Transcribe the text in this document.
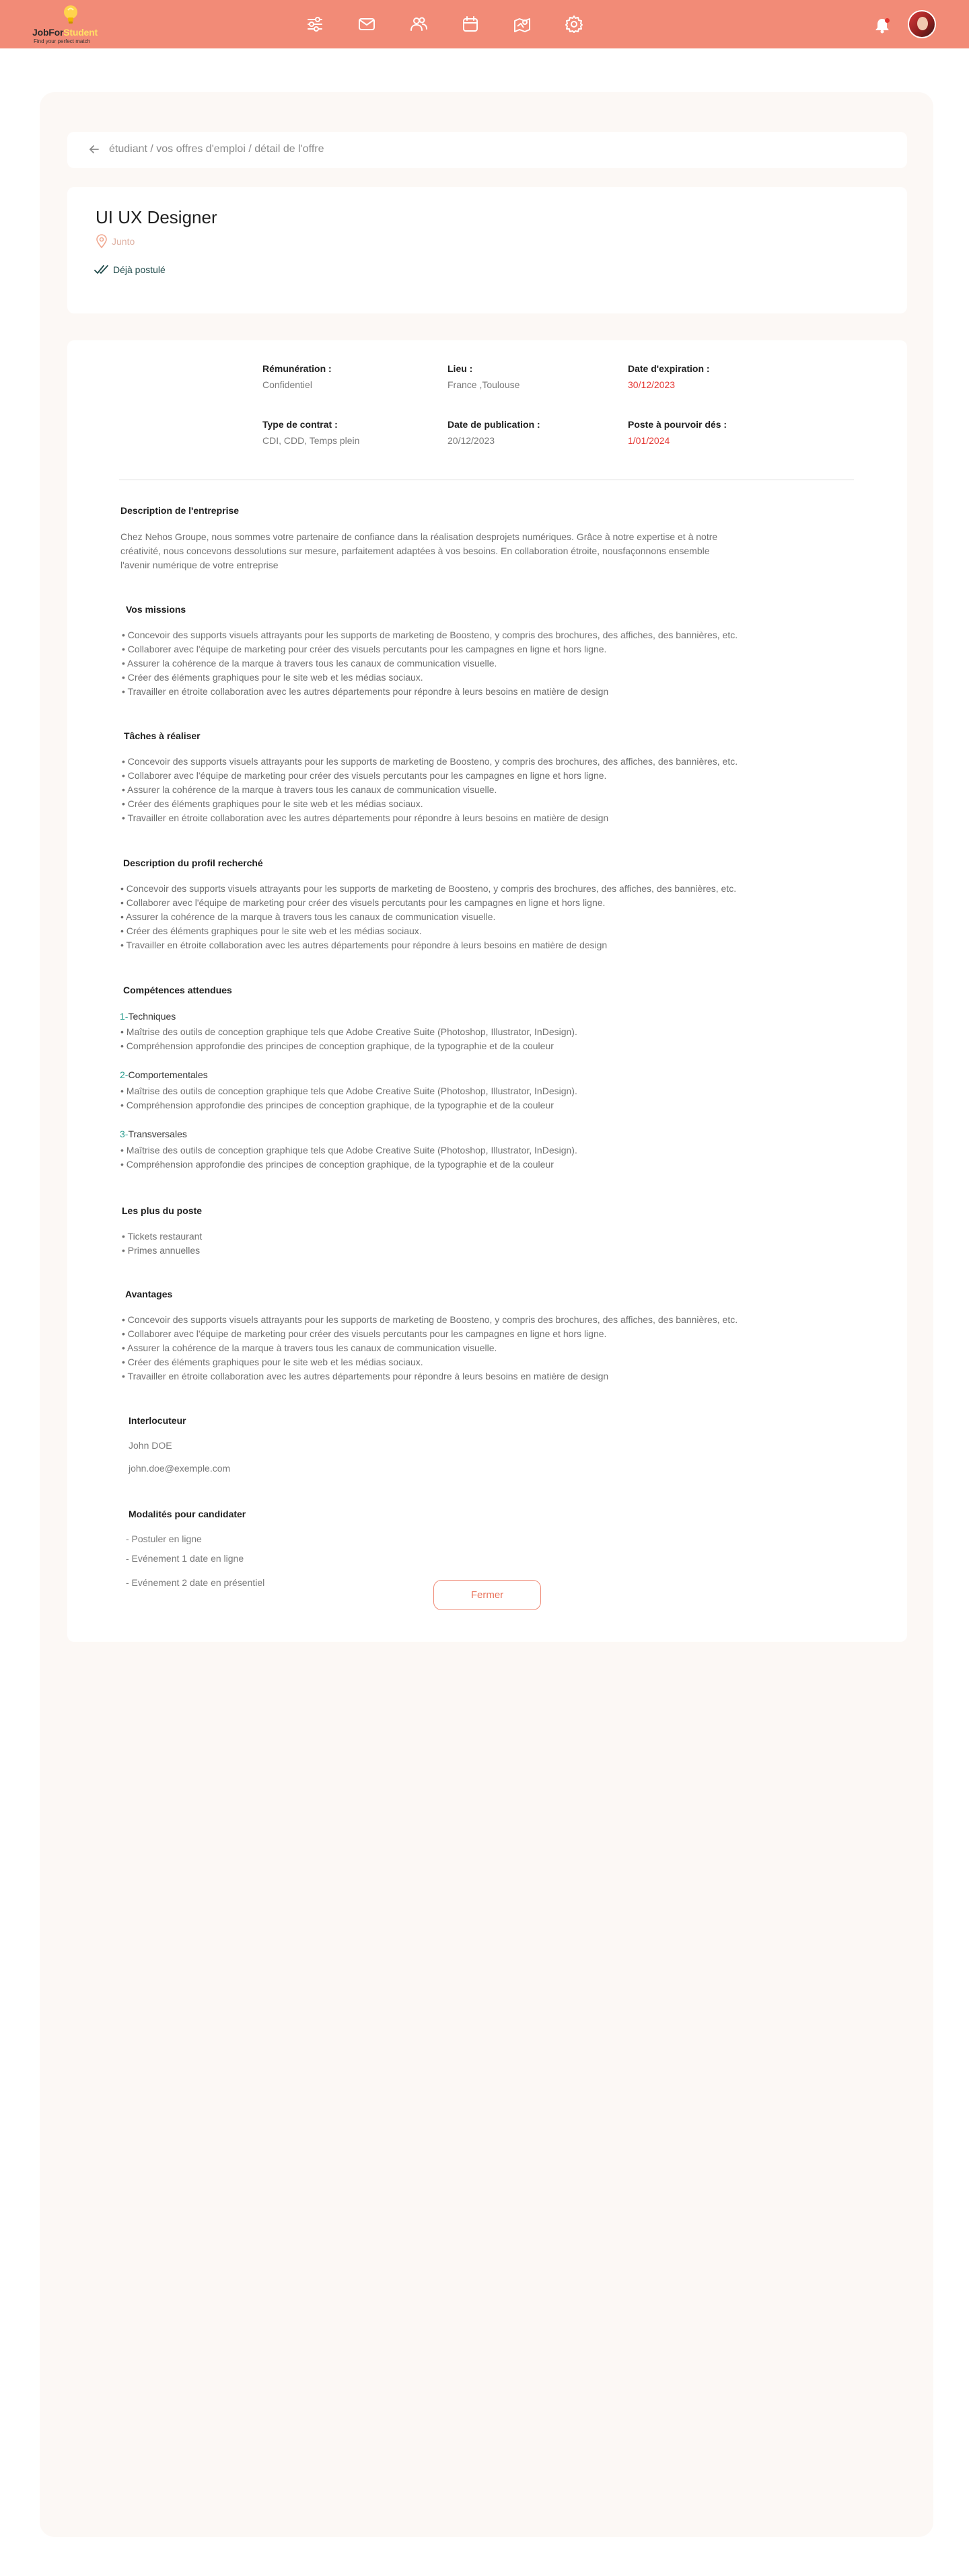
JobForStudent
Find your perfect match
étudiant / vos offres d'emploi / détail de l'offre
UI UX Designer
Junto
Déjà postulé
Rémunération :
Confidentiel
Lieu :
France ,Toulouse
Date d'expiration :
30/12/2023
Type de contrat :
CDI, CDD, Temps plein
Date de publication :
20/12/2023
Poste à pourvoir dés :
1/01/2024
Description de l'entreprise
Chez Nehos Groupe, nous sommes votre partenaire de confiance dans la réalisation desprojets numériques. Grâce à notre expertise et à notre
créativité, nous concevons dessolutions sur mesure, parfaitement adaptées à vos besoins. En collaboration étroite, nousfaçonnons ensemble
l'avenir numérique de votre entreprise
Vos missions
• Concevoir des supports visuels attrayants pour les supports de marketing de Boosteno, y compris des brochures, des affiches, des bannières, etc.
• Collaborer avec l'équipe de marketing pour créer des visuels percutants pour les campagnes en ligne et hors ligne.
• Assurer la cohérence de la marque à travers tous les canaux de communication visuelle.
• Créer des éléments graphiques pour le site web et les médias sociaux.
• Travailler en étroite collaboration avec les autres départements pour répondre à leurs besoins en matière de design
Tâches à réaliser
• Concevoir des supports visuels attrayants pour les supports de marketing de Boosteno, y compris des brochures, des affiches, des bannières, etc.
• Collaborer avec l'équipe de marketing pour créer des visuels percutants pour les campagnes en ligne et hors ligne.
• Assurer la cohérence de la marque à travers tous les canaux de communication visuelle.
• Créer des éléments graphiques pour le site web et les médias sociaux.
• Travailler en étroite collaboration avec les autres départements pour répondre à leurs besoins en matière de design
Description du profil recherché
• Concevoir des supports visuels attrayants pour les supports de marketing de Boosteno, y compris des brochures, des affiches, des bannières, etc.
• Collaborer avec l'équipe de marketing pour créer des visuels percutants pour les campagnes en ligne et hors ligne.
• Assurer la cohérence de la marque à travers tous les canaux de communication visuelle.
• Créer des éléments graphiques pour le site web et les médias sociaux.
• Travailler en étroite collaboration avec les autres départements pour répondre à leurs besoins en matière de design
Compétences attendues
1-Techniques
• Maîtrise des outils de conception graphique tels que Adobe Creative Suite (Photoshop, Illustrator, InDesign).
• Compréhension approfondie des principes de conception graphique, de la typographie et de la couleur
2-Comportementales
• Maîtrise des outils de conception graphique tels que Adobe Creative Suite (Photoshop, Illustrator, InDesign).
• Compréhension approfondie des principes de conception graphique, de la typographie et de la couleur
3-Transversales
• Maîtrise des outils de conception graphique tels que Adobe Creative Suite (Photoshop, Illustrator, InDesign).
• Compréhension approfondie des principes de conception graphique, de la typographie et de la couleur
Les plus du poste
• Tickets restaurant
• Primes annuelles
Avantages
• Concevoir des supports visuels attrayants pour les supports de marketing de Boosteno, y compris des brochures, des affiches, des bannières, etc.
• Collaborer avec l'équipe de marketing pour créer des visuels percutants pour les campagnes en ligne et hors ligne.
• Assurer la cohérence de la marque à travers tous les canaux de communication visuelle.
• Créer des éléments graphiques pour le site web et les médias sociaux.
• Travailler en étroite collaboration avec les autres départements pour répondre à leurs besoins en matière de design
Interlocuteur
John DOE
john.doe@exemple.com
Modalités pour candidater
- Postuler en ligne
- Evénement 1 date en ligne
- Evénement 2 date en présentiel
Fermer
